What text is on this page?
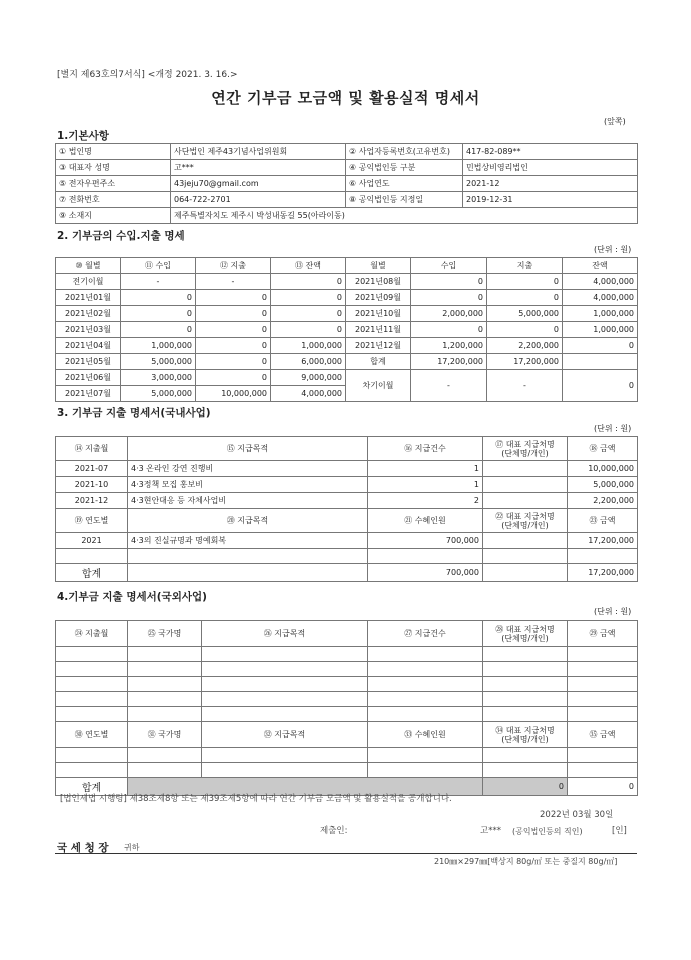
[별지 제63호의7서식] <개정 2021. 3. 16.>
연간 기부금 모금액 및 활용실적 명세서
(앞쪽)
1.기본사항
① 법인명	사단법인 제주43기념사업위원회	② 사업자등록번호(고유번호)	417-82-089**
③ 대표자 성명	고***	④ 공익법인등 구분	민법상비영리법인
⑤ 전자우편주소	43jeju70@gmail.com	⑥ 사업연도	2021-12
⑦ 전화번호	064-722-2701	⑧ 공익법인등 지정일	2019-12-31
⑨ 소재지	제주특별자치도 제주시 박성내동길 55(아라이동)		
2. 기부금의 수입.지출 명세
(단위 : 원)
⑩ 월별	⑪ 수입	⑫ 지출	⑬ 잔액	월별	수입	지출	잔액
전기이월	-	-	0	2021년08월	0	0	4,000,000
2021년01월	0	0	0	2021년09월	0	0	4,000,000
2021년02월	0	0	0	2021년10월	2,000,000	5,000,000	1,000,000
2021년03월	0	0	0	2021년11월	0	0	1,000,000
2021년04월	1,000,000	0	1,000,000	2021년12월	1,200,000	2,200,000	0
2021년05월	5,000,000	0	6,000,000	합계	17,200,000	17,200,000	
2021년06월	3,000,000	0	9,000,000	차기이월	-	-	0
2021년07월	5,000,000	10,000,000	4,000,000				
3. 기부금 지출 명세서(국내사업)
(단위 : 원)
⑭ 지출월	⑮ 지급목적	⑯ 지급건수	⑰ 대표 지급처명
(단체명/개인)	⑱ 금액
2021-07	4·3 온라인 강연 진행비	1		10,000,000
2021-10	4·3정책 모집 홍보비	1		5,000,000
2021-12	4·3현안대응 등 자체사업비	2		2,200,000
⑲ 연도별	⑳ 지급목적	㉑ 수혜인원	㉒ 대표 지급처명
(단체명/개인)	㉓ 금액
2021	4·3의 진실규명과 명예회복	700,000		17,200,000

합계		700,000		17,200,000
4.기부금 지출 명세서(국외사업)
(단위 : 원)
㉔ 지출월	㉕ 국가명	㉖ 지급목적	㉗ 지급건수	㉘ 대표 지급처명
(단체명/개인)	㉙ 금액

㉚ 연도별	㉛ 국가명	㉜ 지급목적	㉝ 수혜인원	㉞ 대표 지급처명
(단체명/개인)	㉟ 금액

합계				0	0
[법인세법 시행령] 제38조제8항 또는 제39조제5항에 따라 연간 기부금 모금액 및 활용실적을 공개합니다.
2022년 03월 30일
제출인:	고*** (공익법인등의 직인)	[인]
국 세 청 장 귀하
210㎜×297㎜[백상지 80g/㎡ 또는 중질지 80g/㎡]
